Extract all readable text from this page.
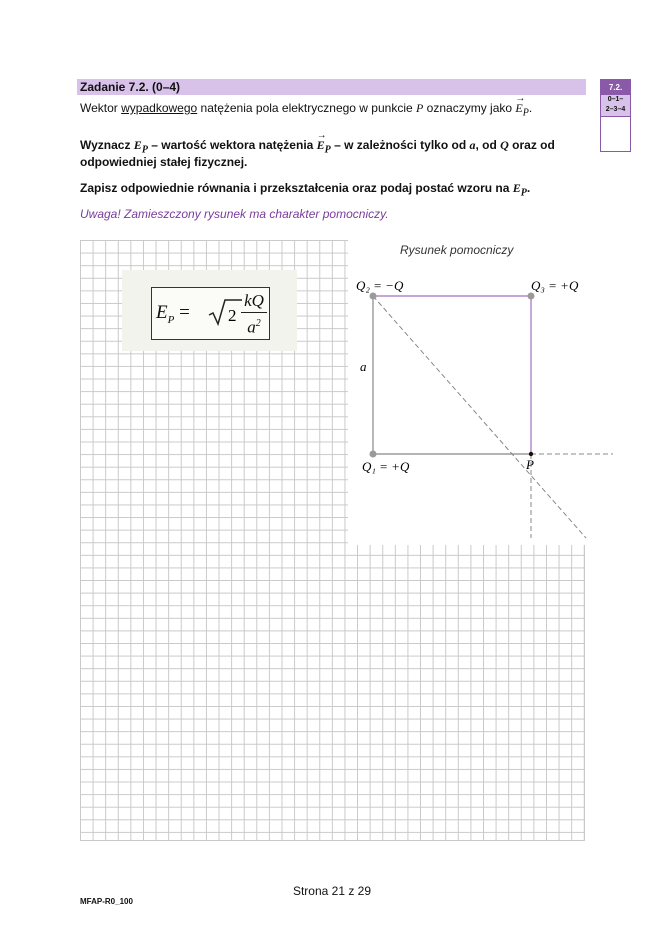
Zadanie 7.2. (0–4)	7.2.
0–1–
2–3–4
Wektor wypadkowego natężenia pola elektrycznego w punkcie P oznaczymy jako
→
$E_P$.
Wyznacz $E_P$ – wartość wektora natężenia
→
$E_P$ – w zależności tylko od a, od Q oraz od
odpowiedniej stałej fizycznej.
Zapisz odpowiednie równania i przekształcenia oraz podaj postać wzoru na $E_P$.
Uwaga! Zamieszczony rysunek ma charakter pomocniczy.
Rysunek pomocniczy
Q₂ = −Q	Q₃ = +Q
Q₁ = +Q	P
a
$E_P = 2 \frac{kQ}{a^2}$
Strona 21 z 29
MFAP-R0_100
